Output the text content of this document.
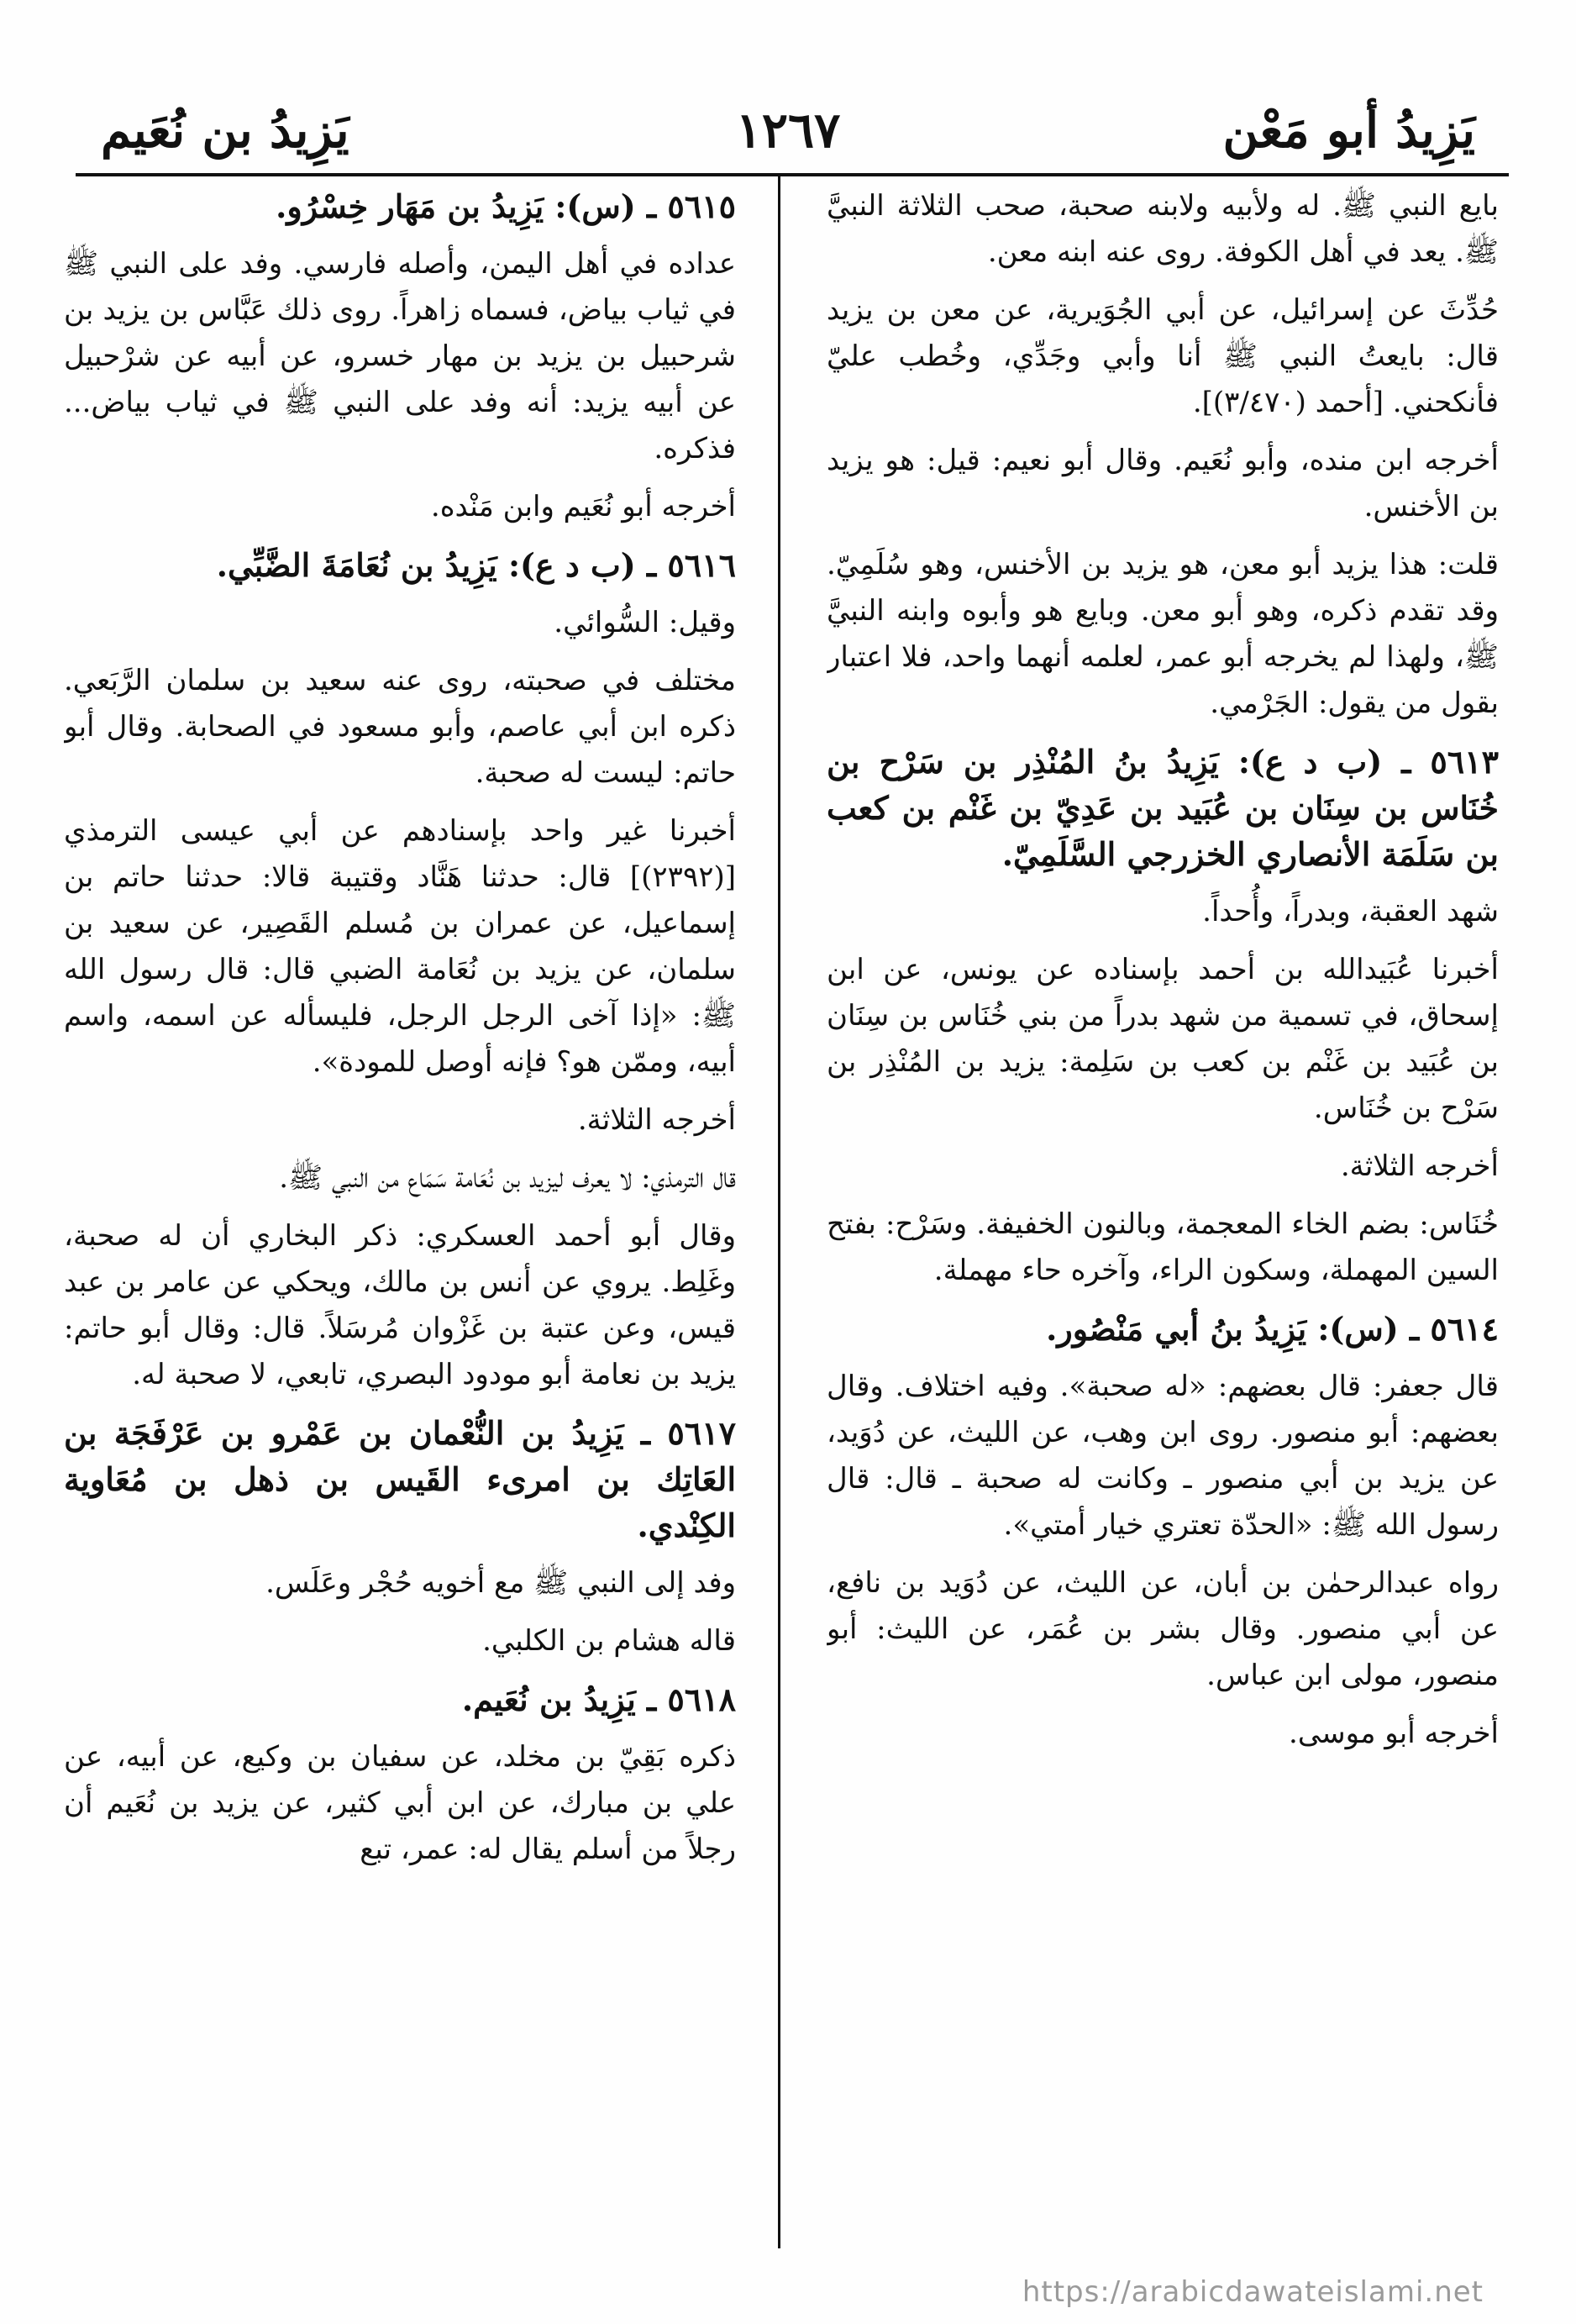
يَزِيدُ أبو مَعْن
١٢٦٧
يَزِيدُ بن نُعَيم

بايع النبي ﷺ. له ولأبيه ولابنه صحبة، صحب الثلاثة النبيَّ ﷺ. يعد في أهل الكوفة. روى عنه ابنه معن.

حُدِّثَ عن إسرائيل، عن أبي الجُوَيرية، عن معن بن يزيد قال: بايعتُ النبي ﷺ أنا وأبي وجَدِّي، وخُطب عليّ فأنكحني. [أحمد (٣/٤٧٠)].

أخرجه ابن منده، وأبو نُعَيم. وقال أبو نعيم: قيل: هو يزيد بن الأخنس.

قلت: هذا يزيد أبو معن، هو يزيد بن الأخنس، وهو سُلَمِيّ. وقد تقدم ذكره، وهو أبو معن. وبايع هو وأبوه وابنه النبيَّ ﷺ، ولهذا لم يخرجه أبو عمر، لعلمه أنهما واحد، فلا اعتبار بقول من يقول: الجَرْمي.

٥٦١٣ ـ (ب د ع): يَزِيدُ بنُ المُنْذِر بن سَرْح بن خُنَاس بن سِنَان بن عُبَيد بن عَدِيّ بن غَنْم بن كعب بن سَلَمَة الأنصاري الخزرجي السَّلَمِيّ.

شهد العقبة، وبدراً، وأُحداً.

أخبرنا عُبَيدالله بن أحمد بإسناده عن يونس، عن ابن إسحاق، في تسمية من شهد بدراً من بني خُنَاس بن سِنَان بن عُبَيد بن غَنْم بن كعب بن سَلِمة: يزيد بن المُنْذِر بن سَرْح بن خُنَاس.

أخرجه الثلاثة.

خُنَاس: بضم الخاء المعجمة، وبالنون الخفيفة. وسَرْح: بفتح السين المهملة، وسكون الراء، وآخره حاء مهملة.

٥٦١٤ ـ (س): يَزِيدُ بنُ أبي مَنْصُور.

قال جعفر: قال بعضهم: «له صحبة». وفيه اختلاف. وقال بعضهم: أبو منصور. روى ابن وهب، عن الليث، عن دُوَيد، عن يزيد بن أبي منصور ـ وكانت له صحبة ـ قال: قال رسول الله ﷺ: «الحدّة تعتري خيار أمتي».

رواه عبدالرحمٰن بن أبان، عن الليث، عن دُوَيد بن نافع، عن أبي منصور. وقال بشر بن عُمَر، عن الليث: أبو منصور، مولى ابن عباس.

أخرجه أبو موسى.

٥٦١٥ ـ (س): يَزِيدُ بن مَهَار خِسْرُو.

عداده في أهل اليمن، وأصله فارسي. وفد على النبي ﷺ في ثياب بياض، فسماه زاهراً. روى ذلك عَبَّاس بن يزيد بن شرحبيل بن يزيد بن مهار خسرو، عن أبيه عن شرْحبيل عن أبيه يزيد: أنه وفد على النبي ﷺ في ثياب بياض... فذكره.

أخرجه أبو نُعَيم وابن مَنْده.

٥٦١٦ ـ (ب د ع): يَزِيدُ بن نُعَامَةَ الضَّبِّي.

وقيل: السُّوائي.

مختلف في صحبته، روى عنه سعيد بن سلمان الرَّبَعي. ذكره ابن أبي عاصم، وأبو مسعود في الصحابة. وقال أبو حاتم: ليست له صحبة.

أخبرنا غير واحد بإسنادهم عن أبي عيسى الترمذي [(٢٣٩٢)] قال: حدثنا هَنَّاد وقتيبة قالا: حدثنا حاتم بن إسماعيل، عن عمران بن مُسلم القَصِير، عن سعيد بن سلمان، عن يزيد بن نُعَامة الضبي قال: قال رسول الله ﷺ: «إذا آخى الرجل الرجل، فليسأله عن اسمه، واسم أبيه، وممّن هو؟ فإنه أوصل للمودة».

أخرجه الثلاثة.

قال الترمذي: لا يعرف ليزيد بن نُعَامة سَمَاع من النبي ﷺ.

وقال أبو أحمد العسكري: ذكر البخاري أن له صحبة، وغَلِط. يروي عن أنس بن مالك، ويحكي عن عامر بن عبد قيس، وعن عتبة بن غَزْوان مُرسَلاً. قال: وقال أبو حاتم: يزيد بن نعامة أبو مودود البصري، تابعي، لا صحبة له.

٥٦١٧ ـ يَزِيدُ بن النُّعْمان بن عَمْرو بن عَرْفَجَة بن العَاتِك بن امرىء القَيس بن ذهل بن مُعَاوية الكِنْدي.

وفد إلى النبي ﷺ مع أخويه حُجْر وعَلَس.

قاله هشام بن الكلبي.

٥٦١٨ ـ يَزِيدُ بن نُعَيم.

ذكره بَقِيّ بن مخلد، عن سفيان بن وكيع، عن أبيه، عن علي بن مبارك، عن ابن أبي كثير، عن يزيد بن نُعَيم أن رجلاً من أسلم يقال له: عمر، تبع

https://arabicdawateislami.net
